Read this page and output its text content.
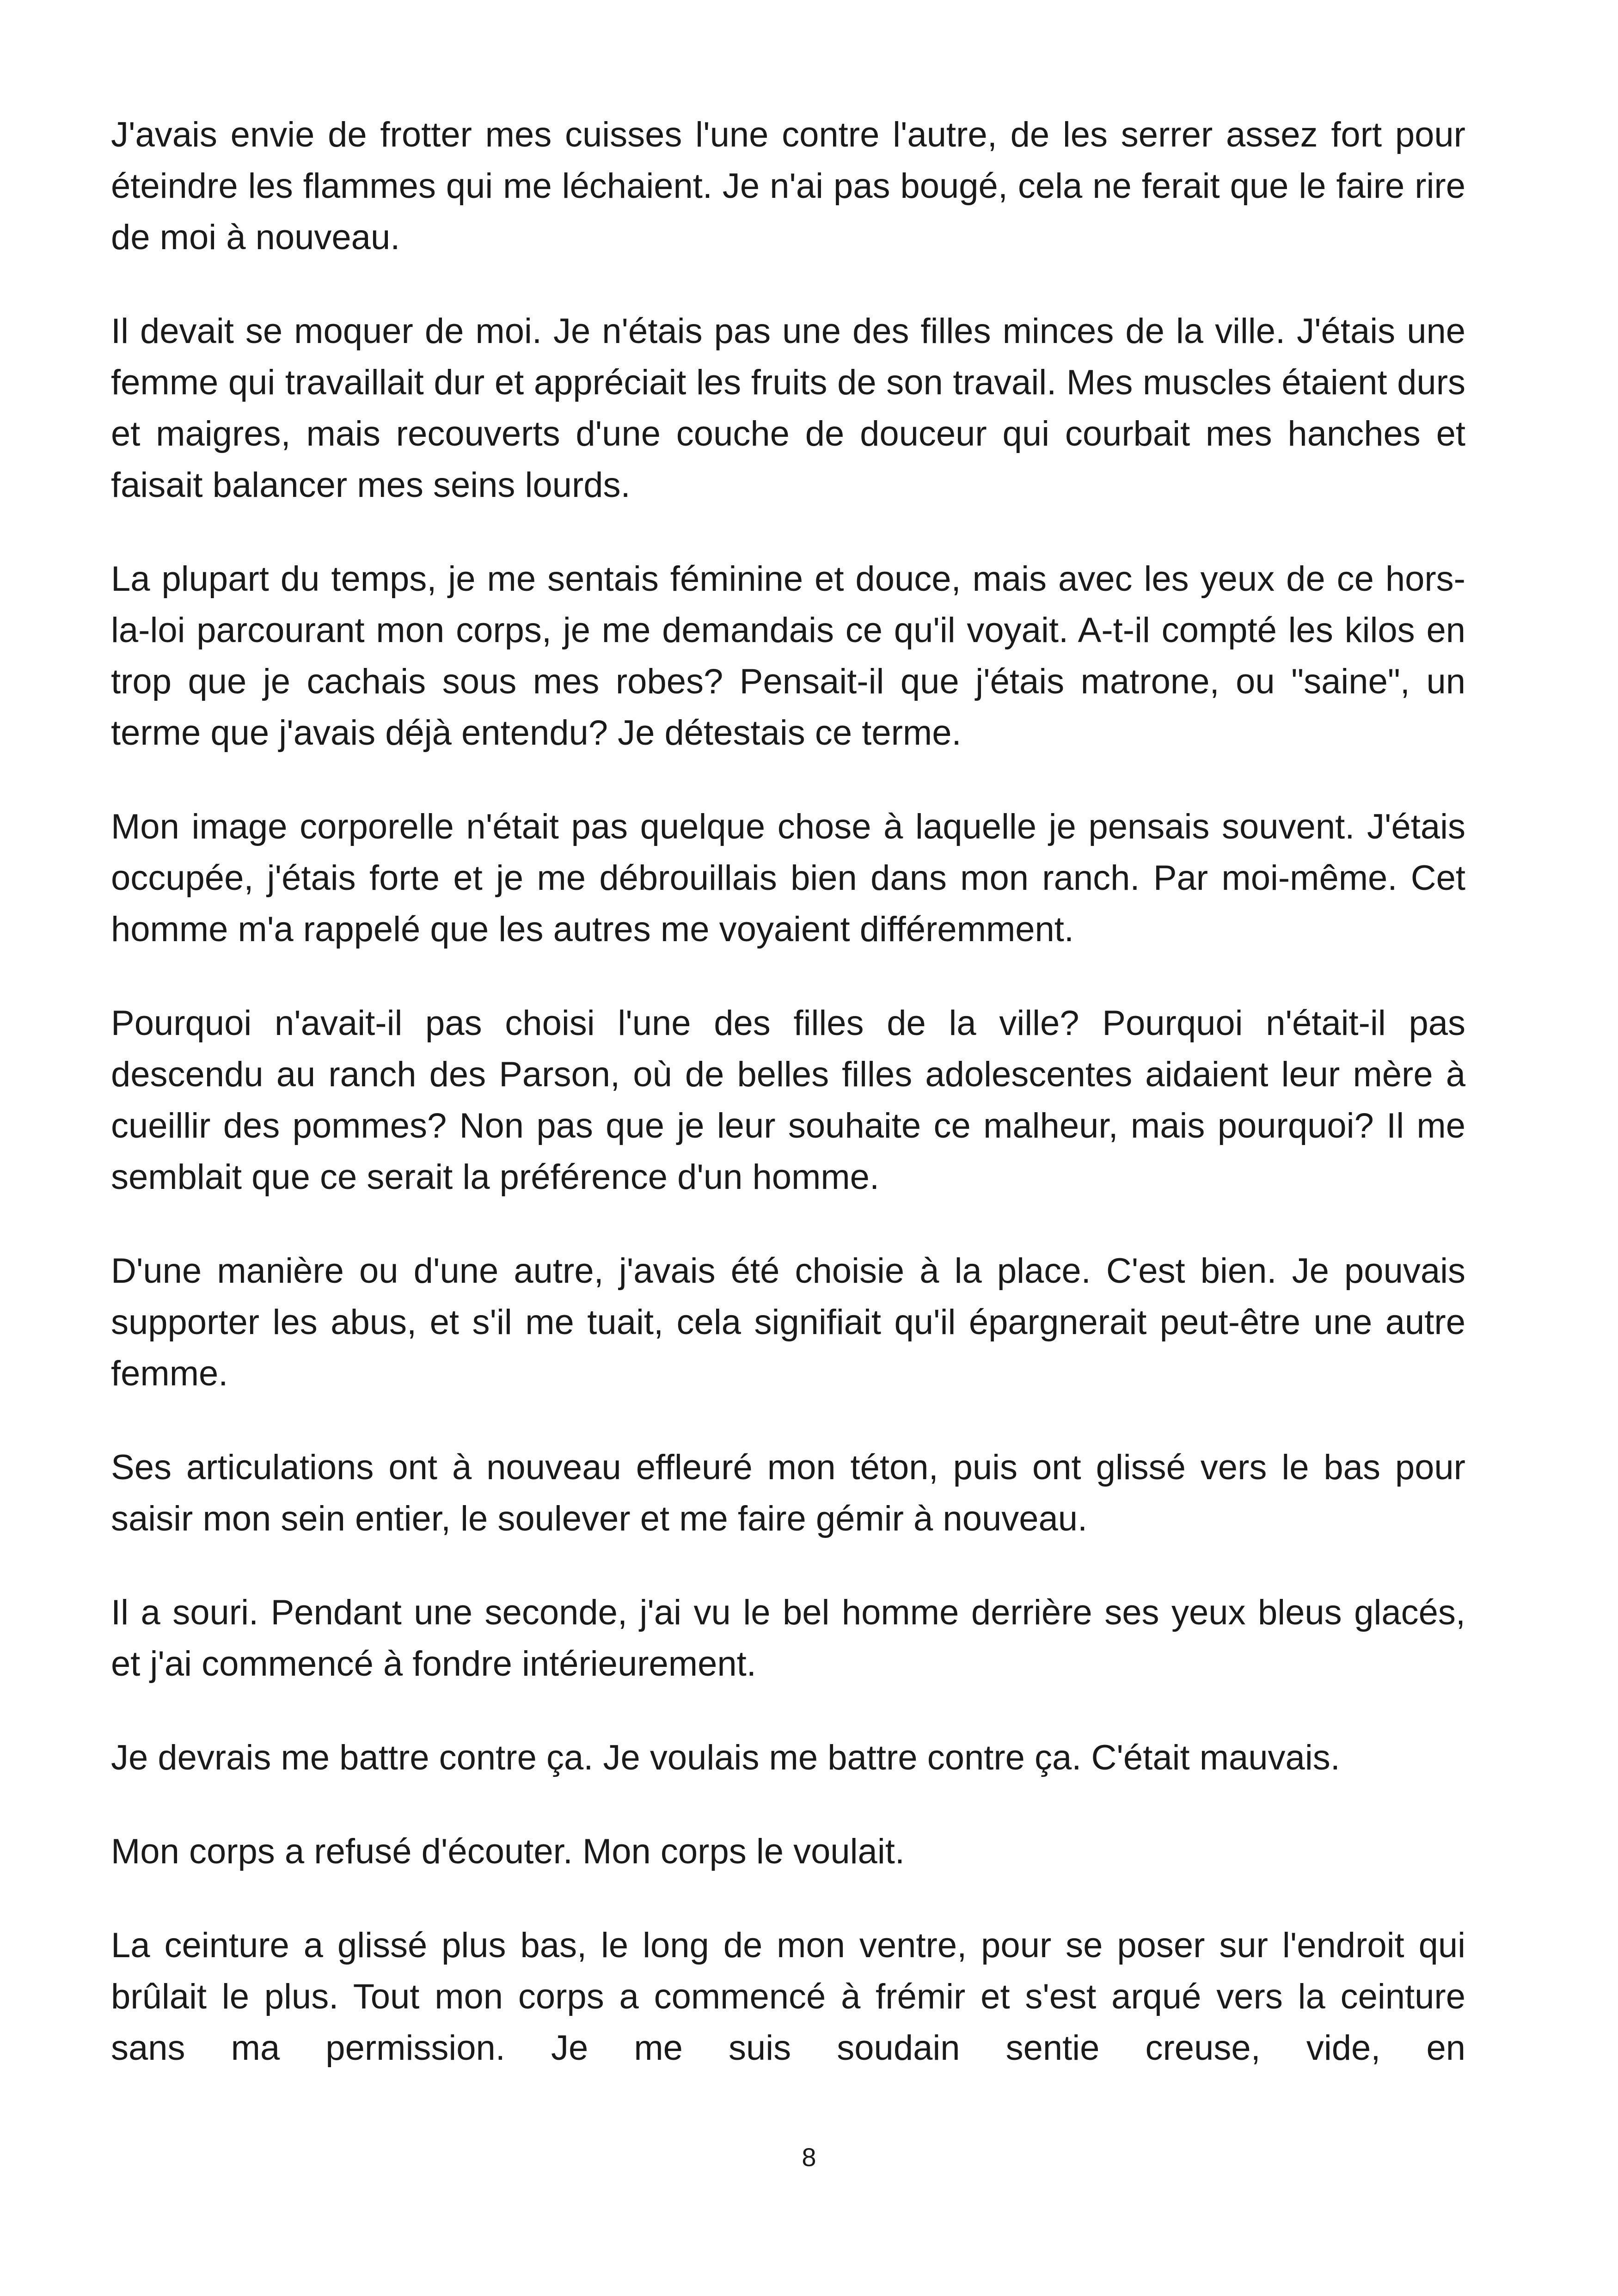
J'avais envie de frotter mes cuisses l'une contre l'autre, de les serrer assez fort pour éteindre les flammes qui me léchaient. Je n'ai pas bougé, cela ne ferait que le faire rire de moi à nouveau.

Il devait se moquer de moi. Je n'étais pas une des filles minces de la ville. J'étais une femme qui travaillait dur et appréciait les fruits de son travail. Mes muscles étaient durs et maigres, mais recouverts d'une couche de douceur qui courbait mes hanches et faisait balancer mes seins lourds.

La plupart du temps, je me sentais féminine et douce, mais avec les yeux de ce hors-la-loi parcourant mon corps, je me demandais ce qu'il voyait. A-t-il compté les kilos en trop que je cachais sous mes robes? Pensait-il que j'étais matrone, ou "saine", un terme que j'avais déjà entendu? Je détestais ce terme.

Mon image corporelle n'était pas quelque chose à laquelle je pensais souvent. J'étais occupée, j'étais forte et je me débrouillais bien dans mon ranch. Par moi-même. Cet homme m'a rappelé que les autres me voyaient différemment.

Pourquoi n'avait-il pas choisi l'une des filles de la ville? Pourquoi n'était-il pas descendu au ranch des Parson, où de belles filles adolescentes aidaient leur mère à cueillir des pommes? Non pas que je leur souhaite ce malheur, mais pourquoi? Il me semblait que ce serait la préférence d'un homme.

D'une manière ou d'une autre, j'avais été choisie à la place. C'est bien. Je pouvais supporter les abus, et s'il me tuait, cela signifiait qu'il épargnerait peut-être une autre femme.

Ses articulations ont à nouveau effleuré mon téton, puis ont glissé vers le bas pour saisir mon sein entier, le soulever et me faire gémir à nouveau.

Il a souri. Pendant une seconde, j'ai vu le bel homme derrière ses yeux bleus glacés, et j'ai commencé à fondre intérieurement.

Je devrais me battre contre ça. Je voulais me battre contre ça. C'était mauvais.

Mon corps a refusé d'écouter. Mon corps le voulait.

La ceinture a glissé plus bas, le long de mon ventre, pour se poser sur l'endroit qui brûlait le plus. Tout mon corps a commencé à frémir et s'est arqué vers la ceinture sans ma permission. Je me suis soudain sentie creuse, vide, en

8
